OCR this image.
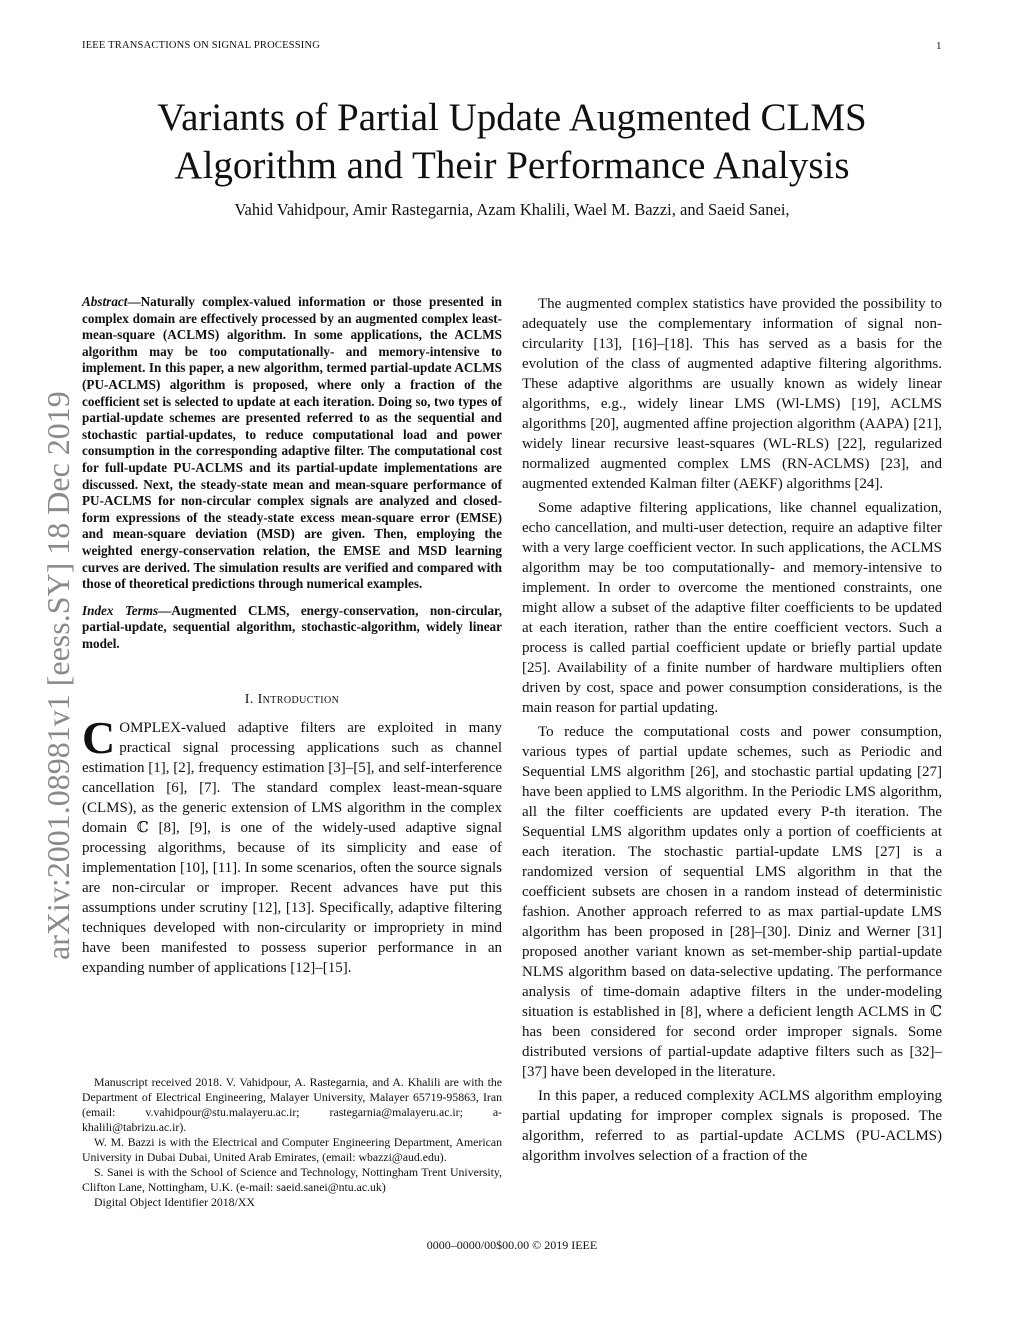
IEEE TRANSACTIONS ON SIGNAL PROCESSING	1
arXiv:2001.08981v1 [eess.SY] 18 Dec 2019
Variants of Partial Update Augmented CLMS
Algorithm and Their Performance Analysis
Vahid Vahidpour, Amir Rastegarnia, Azam Khalili, Wael M. Bazzi, and Saeid Sanei,

Abstract—Naturally complex-valued information or those presented in complex domain are effectively processed by an augmented complex least-mean-square (ACLMS) algorithm. In some applications, the ACLMS algorithm may be too computationally- and memory-intensive to implement. In this paper, a new algorithm, termed partial-update ACLMS (PU-ACLMS) algorithm is proposed, where only a fraction of the coefficient set is selected to update at each iteration. Doing so, two types of partial-update schemes are presented referred to as the sequential and stochastic partial-updates, to reduce computational load and power consumption in the corresponding adaptive filter. The computational cost for full-update PU-ACLMS and its partial-update implementations are discussed. Next, the steady-state mean and mean-square performance of PU-ACLMS for non-circular complex signals are analyzed and closed-form expressions of the steady-state excess mean-square error (EMSE) and mean-square deviation (MSD) are given. Then, employing the weighted energy-conservation relation, the EMSE and MSD learning curves are derived. The simulation results are verified and compared with those of theoretical predictions through numerical examples.

Index Terms—Augmented CLMS, energy-conservation, non-circular, partial-update, sequential algorithm, stochastic-algorithm, widely linear model.

I. Introduction

COMPLEX-valued adaptive filters are exploited in many practical signal processing applications such as channel estimation [1], [2], frequency estimation [3]–[5], and self-interference cancellation [6], [7]. The standard complex least-mean-square (CLMS), as the generic extension of LMS algorithm in the complex domain ℂ [8], [9], is one of the widely-used adaptive signal processing algorithms, because of its simplicity and ease of implementation [10], [11]. In some scenarios, often the source signals are non-circular or improper. Recent advances have put this assumptions under scrutiny [12], [13]. Specifically, adaptive filtering techniques developed with non-circularity or impropriety in mind have been manifested to possess superior performance in an expanding number of applications [12]–[15].

Manuscript received 2018. V. Vahidpour, A. Rastegarnia, and A. Khalili are with the Department of Electrical Engineering, Malayer University, Malayer 65719-95863, Iran (email: v.vahidpour@stu.malayeru.ac.ir; rastegarnia@malayeru.ac.ir; a-khalili@tabrizu.ac.ir).

W. M. Bazzi is with the Electrical and Computer Engineering Department, American University in Dubai Dubai, United Arab Emirates, (email: wbazzi@aud.edu).

S. Sanei is with the School of Science and Technology, Nottingham Trent University, Clifton Lane, Nottingham, U.K. (e-mail: saeid.sanei@ntu.ac.uk)

Digital Object Identifier 2018/XX

The augmented complex statistics have provided the possibility to adequately use the complementary information of signal non-circularity [13], [16]–[18]. This has served as a basis for the evolution of the class of augmented adaptive filtering algorithms. These adaptive algorithms are usually known as widely linear algorithms, e.g., widely linear LMS (Wl-LMS) [19], ACLMS algorithms [20], augmented affine projection algorithm (AAPA) [21], widely linear recursive least-squares (WL-RLS) [22], regularized normalized augmented complex LMS (RN-ACLMS) [23], and augmented extended Kalman filter (AEKF) algorithms [24].

Some adaptive filtering applications, like channel equalization, echo cancellation, and multi-user detection, require an adaptive filter with a very large coefficient vector. In such applications, the ACLMS algorithm may be too computationally- and memory-intensive to implement. In order to overcome the mentioned constraints, one might allow a subset of the adaptive filter coefficients to be updated at each iteration, rather than the entire coefficient vectors. Such a process is called partial coefficient update or briefly partial update [25]. Availability of a finite number of hardware multipliers often driven by cost, space and power consumption considerations, is the main reason for partial updating.

To reduce the computational costs and power consumption, various types of partial update schemes, such as Periodic and Sequential LMS algorithm [26], and stochastic partial updating [27] have been applied to LMS algorithm. In the Periodic LMS algorithm, all the filter coefficients are updated every P-th iteration. The Sequential LMS algorithm updates only a portion of coefficients at each iteration. The stochastic partial-update LMS [27] is a randomized version of sequential LMS algorithm in that the coefficient subsets are chosen in a random instead of deterministic fashion. Another approach referred to as max partial-update LMS algorithm has been proposed in [28]–[30]. Diniz and Werner [31] proposed another variant known as set-member-ship partial-update NLMS algorithm based on data-selective updating. The performance analysis of time-domain adaptive filters in the under-modeling situation is established in [8], where a deficient length ACLMS in ℂ has been considered for second order improper signals. Some distributed versions of partial-update adaptive filters such as [32]–[37] have been developed in the literature.

In this paper, a reduced complexity ACLMS algorithm employing partial updating for improper complex signals is proposed. The algorithm, referred to as partial-update ACLMS (PU-ACLMS) algorithm involves selection of a fraction of the

0000–0000/00$00.00 © 2019 IEEE
